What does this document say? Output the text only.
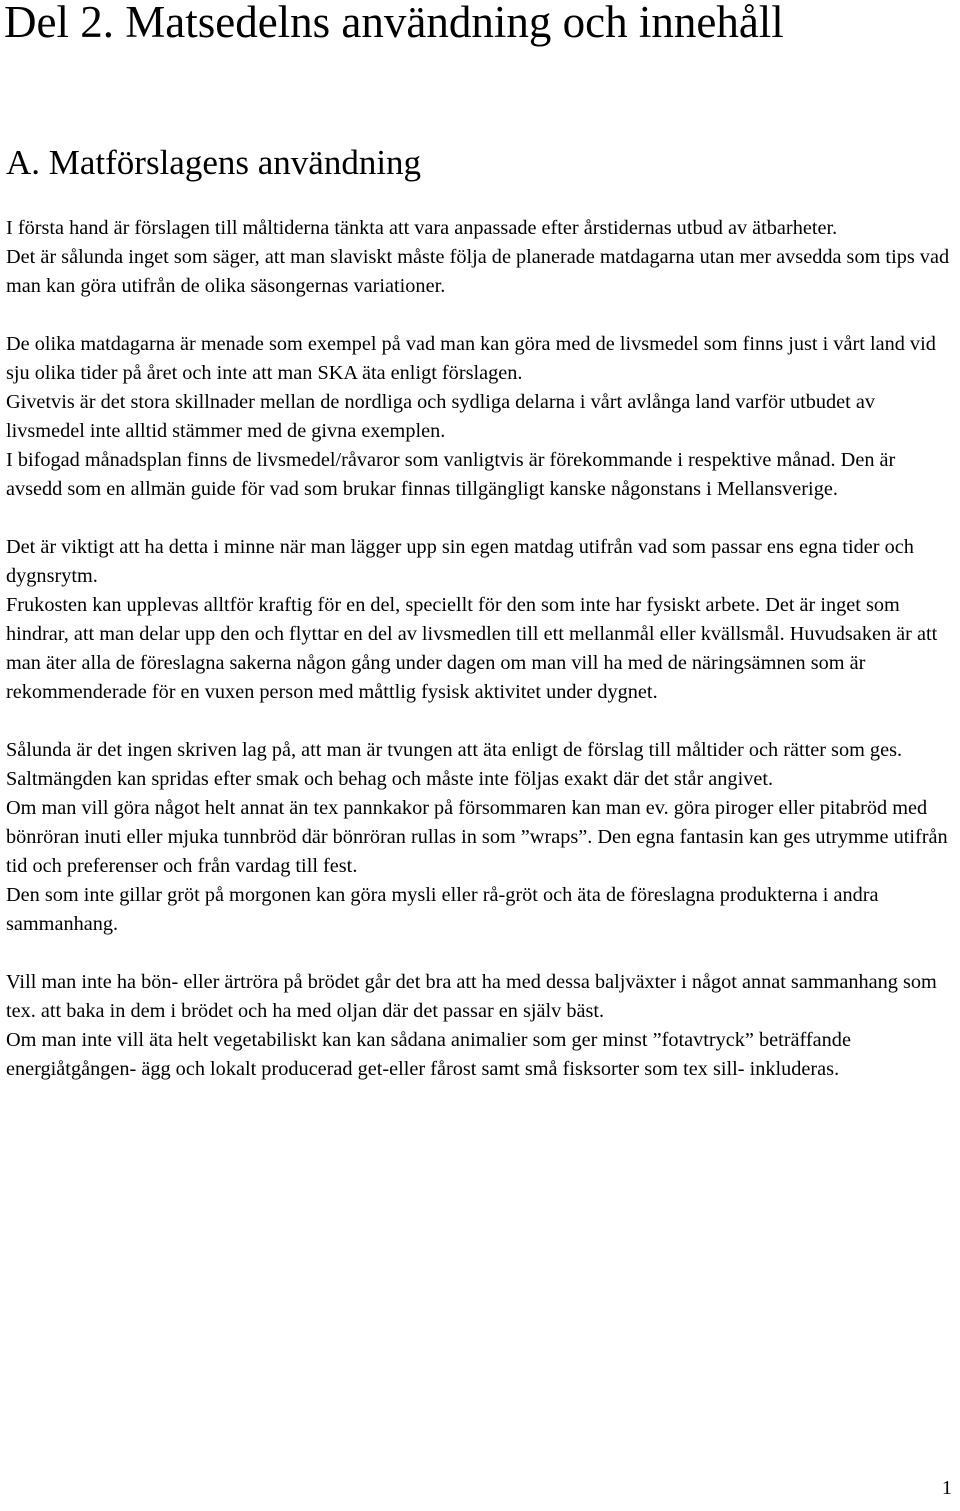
Del 2. Matsedelns användning och innehåll
A. Matförslagens användning

I första hand är förslagen till måltiderna tänkta att vara anpassade efter årstidernas utbud av ätbarheter.

Det är sålunda inget som säger, att man slaviskt måste följa de planerade matdagarna utan mer avsedda som tips vad man kan göra utifrån de olika säsongernas variationer.

De olika matdagarna är menade som exempel på vad man kan göra med de livsmedel som finns just i vårt land vid sju olika tider på året och inte att man SKA äta enligt förslagen.

Givetvis är det stora skillnader mellan de nordliga och sydliga delarna i vårt avlånga land varför utbudet av livsmedel inte alltid stämmer med de givna exemplen.

I bifogad månadsplan finns de livsmedel/råvaror som vanligtvis är förekommande i respektive månad. Den är avsedd som en allmän guide för vad som brukar finnas tillgängligt kanske någonstans i Mellansverige.

Det är viktigt att ha detta i minne när man lägger upp sin egen matdag utifrån vad som passar ens egna tider och dygnsrytm.

Frukosten kan upplevas alltför kraftig för en del, speciellt för den som inte har fysiskt arbete. Det är inget som hindrar, att man delar upp den och flyttar en del av livsmedlen till ett mellanmål eller kvällsmål. Huvudsaken är att man äter alla de föreslagna sakerna någon gång under dagen om man vill ha med de näringsämnen som är rekommenderade för en vuxen person med måttlig fysisk aktivitet under dygnet.

Sålunda är det ingen skriven lag på, att man är tvungen att äta enligt de förslag till måltider och rätter som ges. Saltmängden kan spridas efter smak och behag och måste inte följas exakt där det står angivet.

Om man vill göra något helt annat än tex pannkakor på försommaren kan man ev. göra piroger eller pitabröd med bönröran inuti eller mjuka tunnbröd där bönröran rullas in som ”wraps”. Den egna fantasin kan ges utrymme utifrån tid och preferenser och från vardag till fest.

Den som inte gillar gröt på morgonen kan göra mysli eller rå-gröt och äta de föreslagna produkterna i andra sammanhang.

Vill man inte ha bön- eller ärtröra på brödet går det bra att ha med dessa baljväxter i något annat sammanhang som tex. att baka in dem i brödet och ha med oljan där det passar en själv bäst.

Om man inte vill äta helt vegetabiliskt kan kan sådana animalier som ger minst ”fotavtryck” beträffande energiåtgången- ägg och lokalt producerad get-eller fårost samt små fisksorter som tex sill- inkluderas.

1
